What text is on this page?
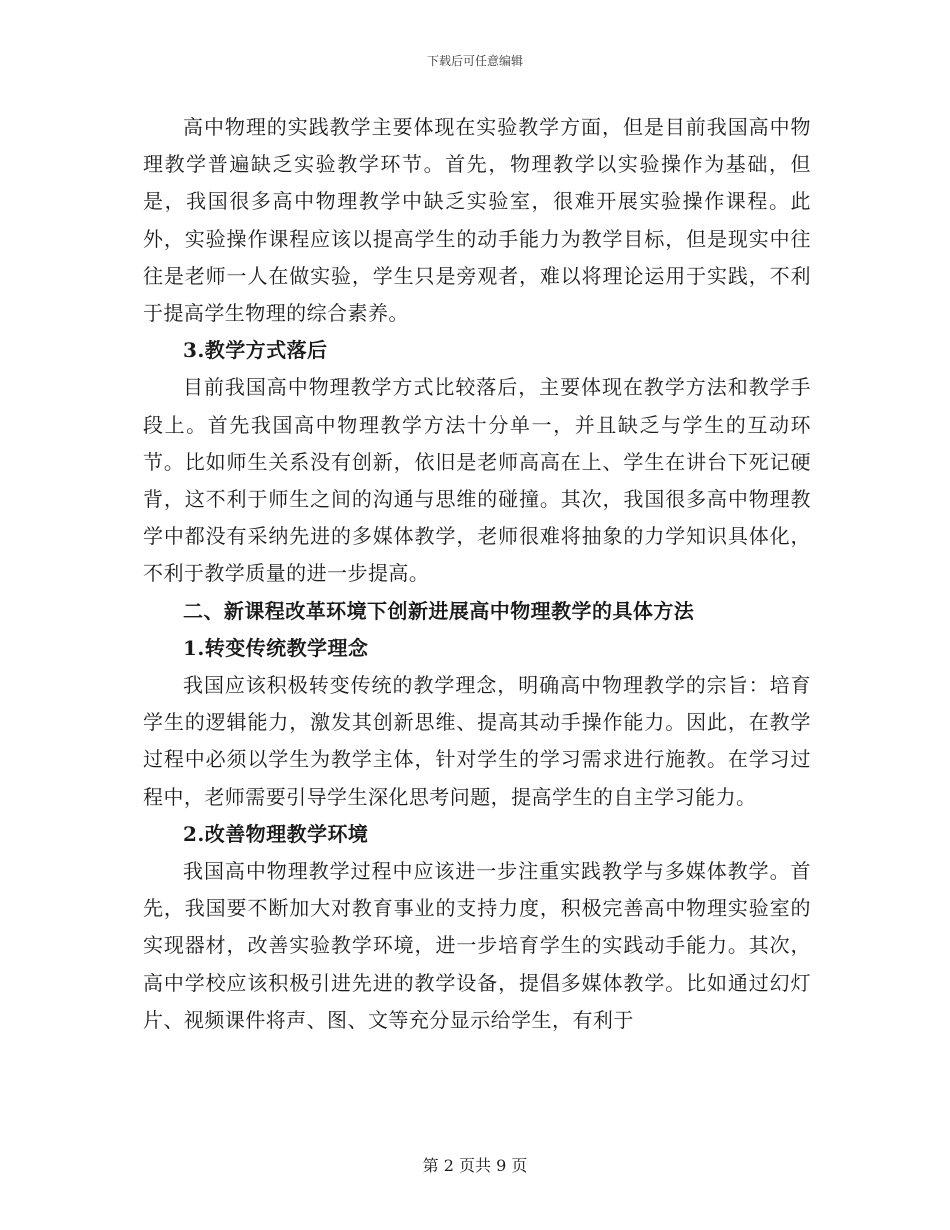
下载后可任意编辑

高中物理的实践教学主要体现在实验教学方面，但是目前我国高中物理教学普遍缺乏实验教学环节。首先，物理教学以实验操作为基础，但是，我国很多高中物理教学中缺乏实验室，很难开展实验操作课程。此外，实验操作课程应该以提高学生的动手能力为教学目标，但是现实中往往是老师一人在做实验，学生只是旁观者，难以将理论运用于实践，不利于提高学生物理的综合素养。

3.教学方式落后

目前我国高中物理教学方式比较落后，主要体现在教学方法和教学手段上。首先我国高中物理教学方法十分单一，并且缺乏与学生的互动环节。比如师生关系没有创新，依旧是老师高高在上、学生在讲台下死记硬背，这不利于师生之间的沟通与思维的碰撞。其次，我国很多高中物理教学中都没有采纳先进的多媒体教学，老师很难将抽象的力学知识具体化，不利于教学质量的进一步提高。

二、新课程改革环境下创新进展高中物理教学的具体方法

1.转变传统教学理念

我国应该积极转变传统的教学理念，明确高中物理教学的宗旨：培育学生的逻辑能力，激发其创新思维、提高其动手操作能力。因此，在教学过程中必须以学生为教学主体，针对学生的学习需求进行施教。在学习过程中，老师需要引导学生深化思考问题，提高学生的自主学习能力。

2.改善物理教学环境

我国高中物理教学过程中应该进一步注重实践教学与多媒体教学。首先，我国要不断加大对教育事业的支持力度，积极完善高中物理实验室的实现器材，改善实验教学环境，进一步培育学生的实践动手能力。其次，高中学校应该积极引进先进的教学设备，提倡多媒体教学。比如通过幻灯片、视频课件将声、图、文等充分显示给学生，有利于

第 2 页共 9 页
